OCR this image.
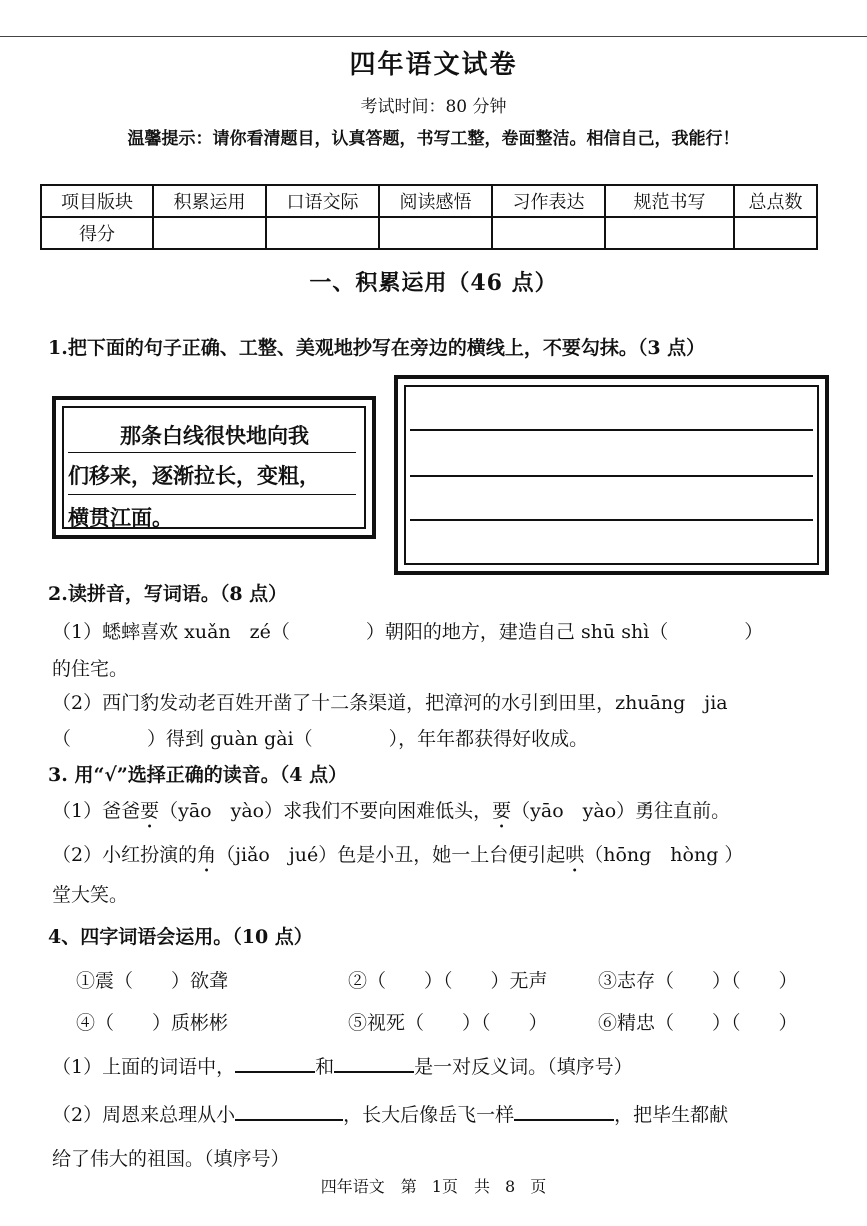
四年语文试卷
考试时间：80 分钟
温馨提示：请你看清题目，认真答题，书写工整，卷面整洁。相信自己，我能行！
项目版块	积累运用	口语交际	阅读感悟	习作表达	规范书写	总点数
得分						
一、积累运用（46 点）
1.把下面的句子正确、工整、美观地抄写在旁边的横线上，不要勾抹。（3 点）
那条白线很快地向我
们移来，逐渐拉长，变粗，
横贯江面。
2.读拼音，写词语。（8 点）
（1）蟋蟀喜欢 xuǎn　zé（　　　　）朝阳的地方，建造自己 shū shì（　　　　）
的住宅。
（2）西门豹发动老百姓开凿了十二条渠道，把漳河的水引到田里，zhuāng　jia
（　　　　）得到 guàn gài（　　　　），年年都获得好收成。
3. 用“√”选择正确的读音。（4 点）
（1）爸爸要（yāo　yào）求我们不要向困难低头，要（yāo　yào）勇往直前。
（2）小红扮演的角（jiǎo　jué）色是小丑，她一上台便引起哄（hōng　hòng ）
堂大笑。
4、四字词语会运用。（10 点）
①震（　　）欲聋	②（　　）（　　）无声	③志存（　　）（　　）
④（　　）质彬彬	⑤视死（　　）（　　）	⑥精忠（　　）（　　）
（1）上面的词语中，	和	是一对反义词。（填序号）
（2）周恩来总理从小	，长大后像岳飞一样	，把毕生都献
给了伟大的祖国。（填序号）
四年语文　第 1页　共 8 页
